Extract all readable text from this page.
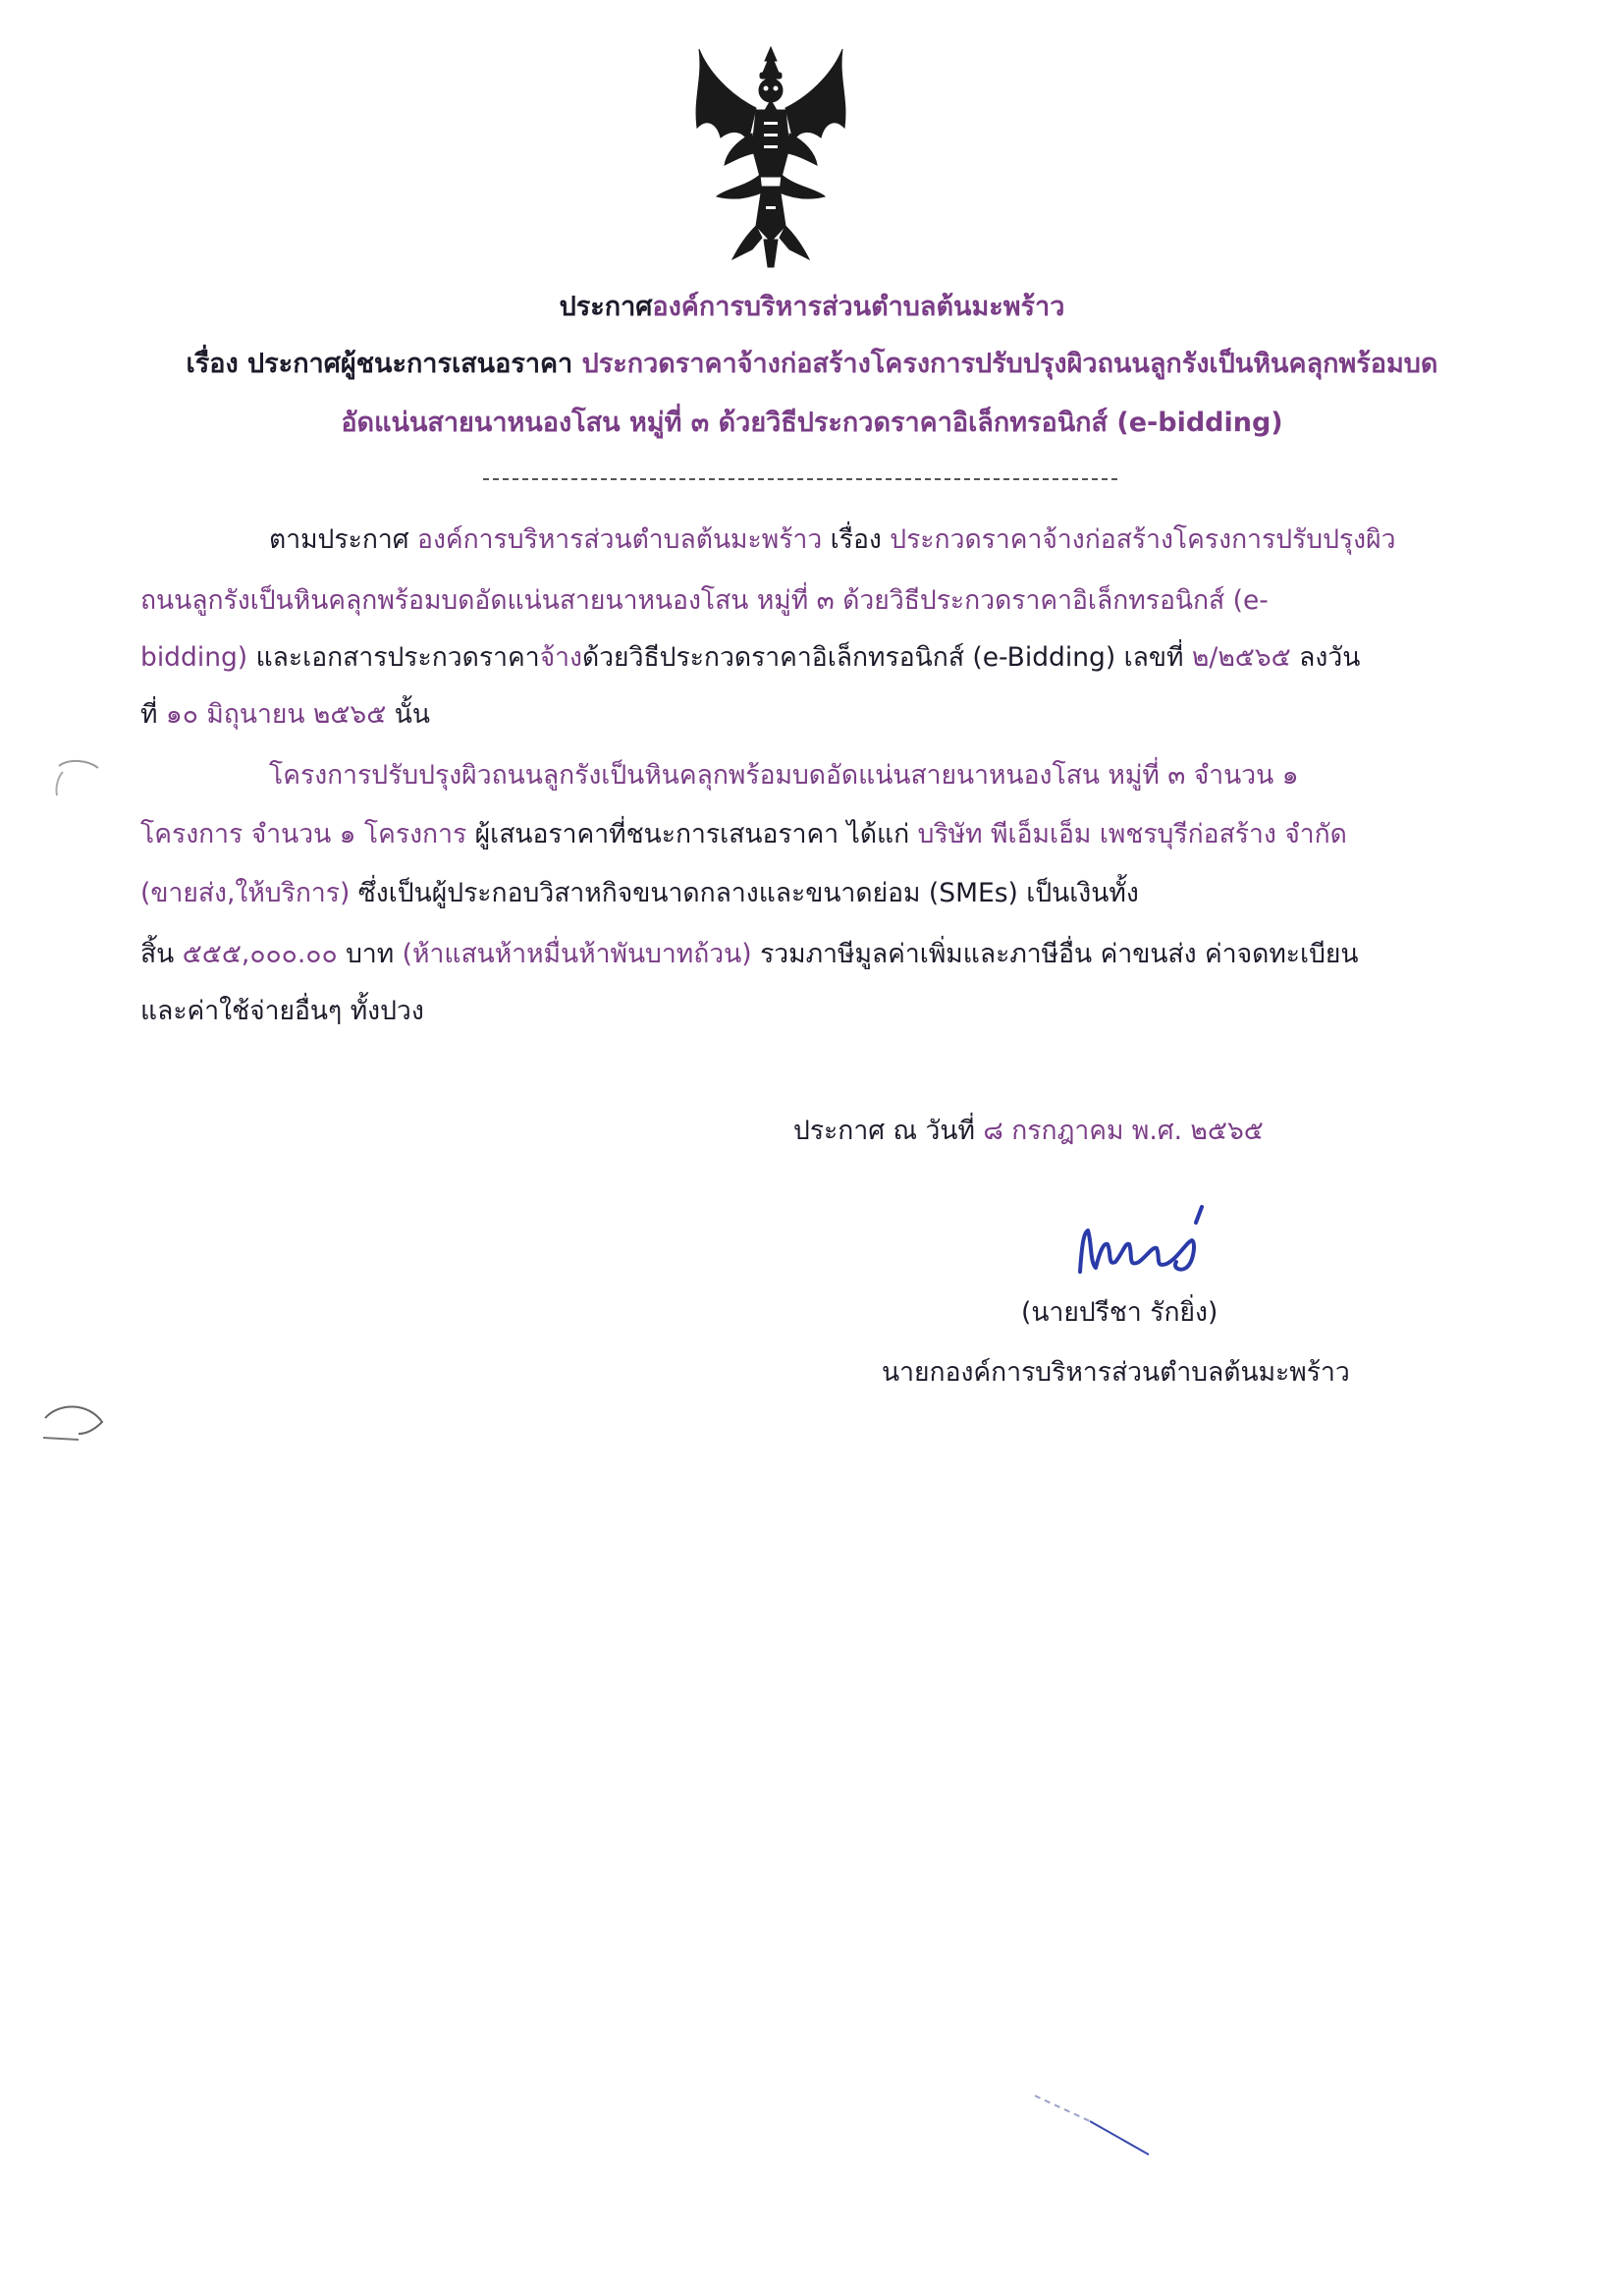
ประกาศองค์การบริหารส่วนตำบลต้นมะพร้าว
เรื่อง ประกาศผู้ชนะการเสนอราคา ประกวดราคาจ้างก่อสร้างโครงการปรับปรุงผิวถนนลูกรังเป็นหินคลุกพร้อมบด
อัดแน่นสายนาหนองโสน หมู่ที่ ๓ ด้วยวิธีประกวดราคาอิเล็กทรอนิกส์ (e-bidding)
ตามประกาศ องค์การบริหารส่วนตำบลต้นมะพร้าว เรื่อง ประกวดราคาจ้างก่อสร้างโครงการปรับปรุงผิว
ถนนลูกรังเป็นหินคลุกพร้อมบดอัดแน่นสายนาหนองโสน หมู่ที่ ๓ ด้วยวิธีประกวดราคาอิเล็กทรอนิกส์ (e-
bidding) และเอกสารประกวดราคาจ้างด้วยวิธีประกวดราคาอิเล็กทรอนิกส์ (e-Bidding) เลขที่ ๒/๒๕๖๕ ลงวัน
ที่ ๑๐ มิถุนายน ๒๕๖๕ นั้น
โครงการปรับปรุงผิวถนนลูกรังเป็นหินคลุกพร้อมบดอัดแน่นสายนาหนองโสน หมู่ที่ ๓ จำนวน ๑
โครงการ จำนวน ๑ โครงการ ผู้เสนอราคาที่ชนะการเสนอราคา ได้แก่ บริษัท พีเอ็มเอ็ม เพชรบุรีก่อสร้าง จำกัด
(ขายส่ง,ให้บริการ) ซึ่งเป็นผู้ประกอบวิสาหกิจขนาดกลางและขนาดย่อม (SMEs) เป็นเงินทั้ง
สิ้น ๕๕๕,๐๐๐.๐๐ บาท (ห้าแสนห้าหมื่นห้าพันบาทถ้วน) รวมภาษีมูลค่าเพิ่มและภาษีอื่น ค่าขนส่ง ค่าจดทะเบียน
และค่าใช้จ่ายอื่นๆ ทั้งปวง
ประกาศ ณ วันที่ ๘ กรกฎาคม พ.ศ. ๒๕๖๕
(นายปรีชา รักยิ่ง)
นายกองค์การบริหารส่วนตำบลต้นมะพร้าว
